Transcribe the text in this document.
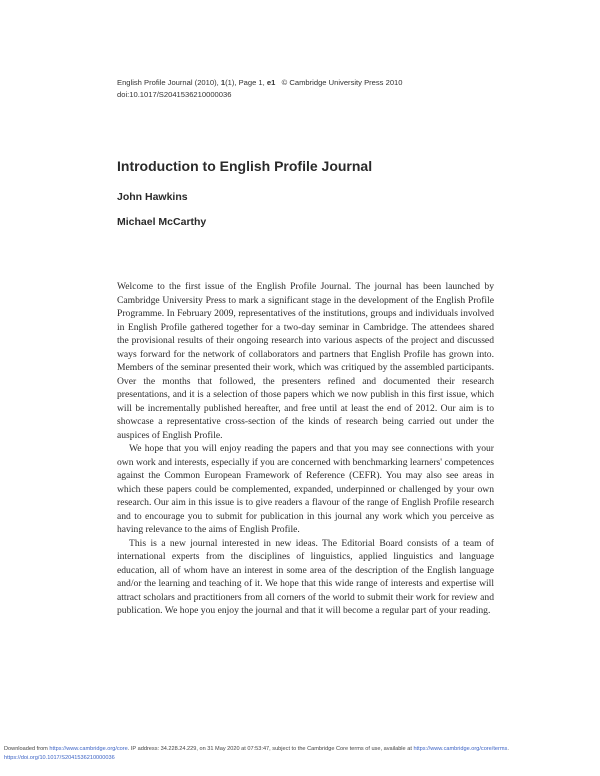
English Profile Journal (2010), 1(1), Page 1, e1 © Cambridge University Press 2010
doi:10.1017/S2041536210000036
Introduction to English Profile Journal

John Hawkins

Michael McCarthy

Welcome to the first issue of the English Profile Journal. The journal has been launched by Cambridge University Press to mark a significant stage in the development of the English Profile Programme. In February 2009, representatives of the institutions, groups and individuals involved in English Profile gathered together for a two-day seminar in Cambridge. The attendees shared the provisional results of their ongoing research into various aspects of the project and discussed ways forward for the network of collaborators and partners that English Profile has grown into. Members of the seminar presented their work, which was critiqued by the assembled participants. Over the months that followed, the presenters refined and documented their research presentations, and it is a selection of those papers which we now publish in this first issue, which will be incrementally published hereafter, and free until at least the end of 2012. Our aim is to showcase a representative cross-section of the kinds of research being carried out under the auspices of English Profile.

We hope that you will enjoy reading the papers and that you may see connections with your own work and interests, especially if you are concerned with benchmarking learners' competences against the Common European Framework of Reference (CEFR). You may also see areas in which these papers could be complemented, expanded, underpinned or challenged by your own research. Our aim in this issue is to give readers a flavour of the range of English Profile research and to encourage you to submit for publication in this journal any work which you perceive as having relevance to the aims of English Profile.

This is a new journal interested in new ideas. The Editorial Board consists of a team of international experts from the disciplines of linguistics, applied linguistics and language education, all of whom have an interest in some area of the description of the English language and/or the learning and teaching of it. We hope that this wide range of interests and expertise will attract scholars and practitioners from all corners of the world to submit their work for review and publication. We hope you enjoy the journal and that it will become a regular part of your reading.

Downloaded from https://www.cambridge.org/core. IP address: 34.228.24.229, on 31 May 2020 at 07:53:47, subject to the Cambridge Core terms of use, available at https://www.cambridge.org/core/terms.
https://doi.org/10.1017/S2041536210000036
